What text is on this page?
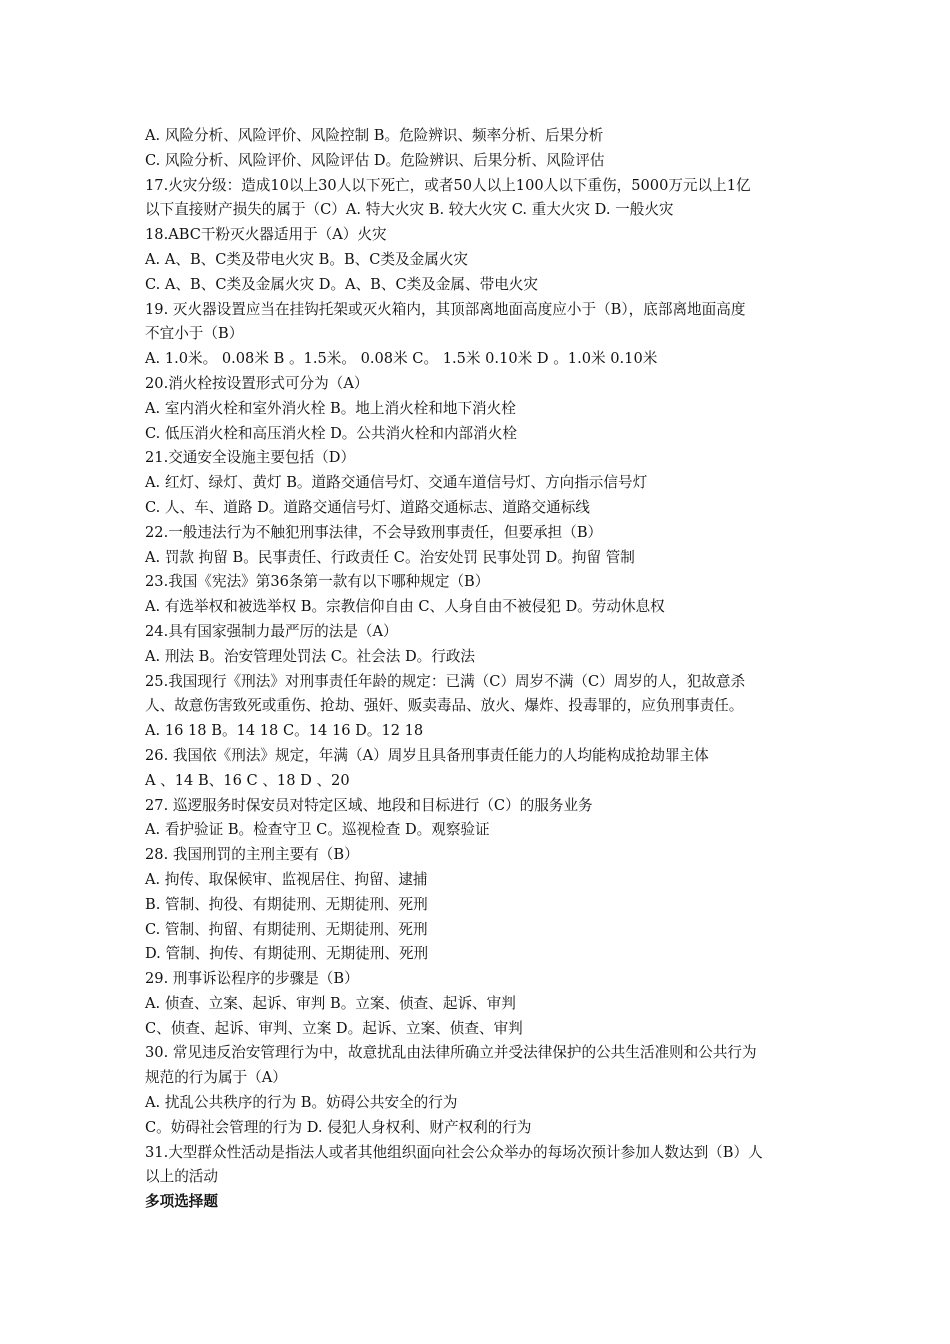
A. 风险分析、风险评价、风险控制 B。危险辨识、频率分析、后果分析
C. 风险分析、风险评价、风险评估 D。危险辨识、后果分析、风险评估
17.火灾分级：造成10以上30人以下死亡，或者50人以上100人以下重伤，5000万元以上1亿
以下直接财产损失的属于（C）A. 特大火灾 B. 较大火灾 C. 重大火灾 D. 一般火灾
18.ABC干粉灭火器适用于（A）火灾
A. A、B、C类及带电火灾 B。B、C类及金属火灾
C. A、B、C类及金属火灾 D。A、B、C类及金属、带电火灾
19. 灭火器设置应当在挂钩托架或灭火箱内，其顶部离地面高度应小于（B），底部离地面高度
不宜小于（B）
A. 1.0米。 0.08米 B 。1.5米。 0.08米 C。 1.5米 0.10米 D 。1.0米 0.10米
20.消火栓按设置形式可分为（A）
A. 室内消火栓和室外消火栓 B。地上消火栓和地下消火栓
C. 低压消火栓和高压消火栓 D。公共消火栓和内部消火栓
21.交通安全设施主要包括（D）
A. 红灯、绿灯、黄灯 B。道路交通信号灯、交通车道信号灯、方向指示信号灯
C. 人、车、道路 D。道路交通信号灯、道路交通标志、道路交通标线
22.一般违法行为不触犯刑事法律，不会导致刑事责任，但要承担（B）
A. 罚款 拘留 B。民事责任、行政责任 C。治安处罚 民事处罚 D。拘留 管制
23.我国《宪法》第36条第一款有以下哪种规定（B）
A. 有选举权和被选举权 B。宗教信仰自由 C、人身自由不被侵犯 D。劳动休息权
24.具有国家强制力最严厉的法是（A）
A. 刑法 B。治安管理处罚法 C。社会法 D。行政法
25.我国现行《刑法》对刑事责任年龄的规定：已满（C）周岁不满（C）周岁的人，犯故意杀
人、故意伤害致死或重伤、抢劫、强奸、贩卖毒品、放火、爆炸、投毒罪的，应负刑事责任。
A. 16 18 B。14 18 C。14 16 D。12 18
26. 我国依《刑法》规定，年满（A）周岁且具备刑事责任能力的人均能构成抢劫罪主体
A 、14 B、16 C 、18 D 、20
27. 巡逻服务时保安员对特定区域、地段和目标进行（C）的服务业务
A. 看护验证 B。检查守卫 C。巡视检查 D。观察验证
28. 我国刑罚的主刑主要有（B）
A. 拘传、取保候审、监视居住、拘留、逮捕
B. 管制、拘役、有期徒刑、无期徒刑、死刑
C. 管制、拘留、有期徒刑、无期徒刑、死刑
D. 管制、拘传、有期徒刑、无期徒刑、死刑
29. 刑事诉讼程序的步骤是（B）
A. 侦查、立案、起诉、审判 B。立案、侦查、起诉、审判
C、侦查、起诉、审判、立案 D。起诉、立案、侦查、审判
30. 常见违反治安管理行为中，故意扰乱由法律所确立并受法律保护的公共生活准则和公共行为
规范的行为属于（A）
A. 扰乱公共秩序的行为 B。妨碍公共安全的行为
C。妨碍社会管理的行为 D. 侵犯人身权利、财产权利的行为
31.大型群众性活动是指法人或者其他组织面向社会公众举办的每场次预计参加人数达到（B）人
以上的活动
多项选择题
